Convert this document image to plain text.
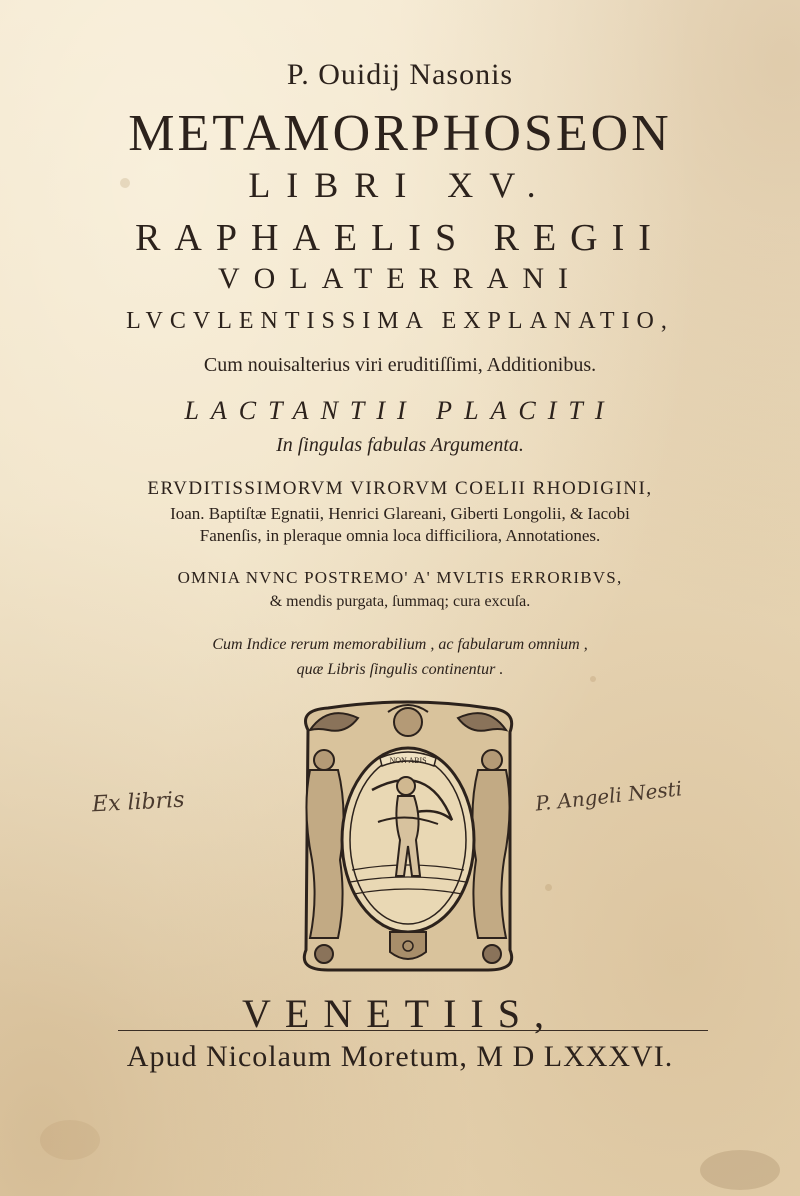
P. Ouidij Nasonis
METAMORPHOSEON
LIBRI XV.
RAPHAELIS REGII
VOLATERRANI
LVCVLENTISSIMA EXPLANATIO,
Cum nouisalterius viri eruditiſſimi, Additionibus.
LACTANTII PLACITI
In ſingulas fabulas Argumenta.
ERVDITISSIMORVM VIRORVM COELII RHODIGINI,
Ioan. Baptiſtæ Egnatii, Henrici Glareani, Giberti Longolii, & Iacobi
Fanenſis, in pleraque omnia loca difficiliora, Annotationes.
OMNIA NVNC POSTREMO' A' MVLTIS ERRORIBVS,
& mendis purgata, ſummaq; cura excuſa.
Cum Indice rerum memorabilium , ac fabularum omnium ,
quæ Libris ſingulis continentur .
Ex libris	P. Angeli Nesti
NON ABIS
VENETIIS,
Apud Nicolaum Moretum, M D LXXXVI.
